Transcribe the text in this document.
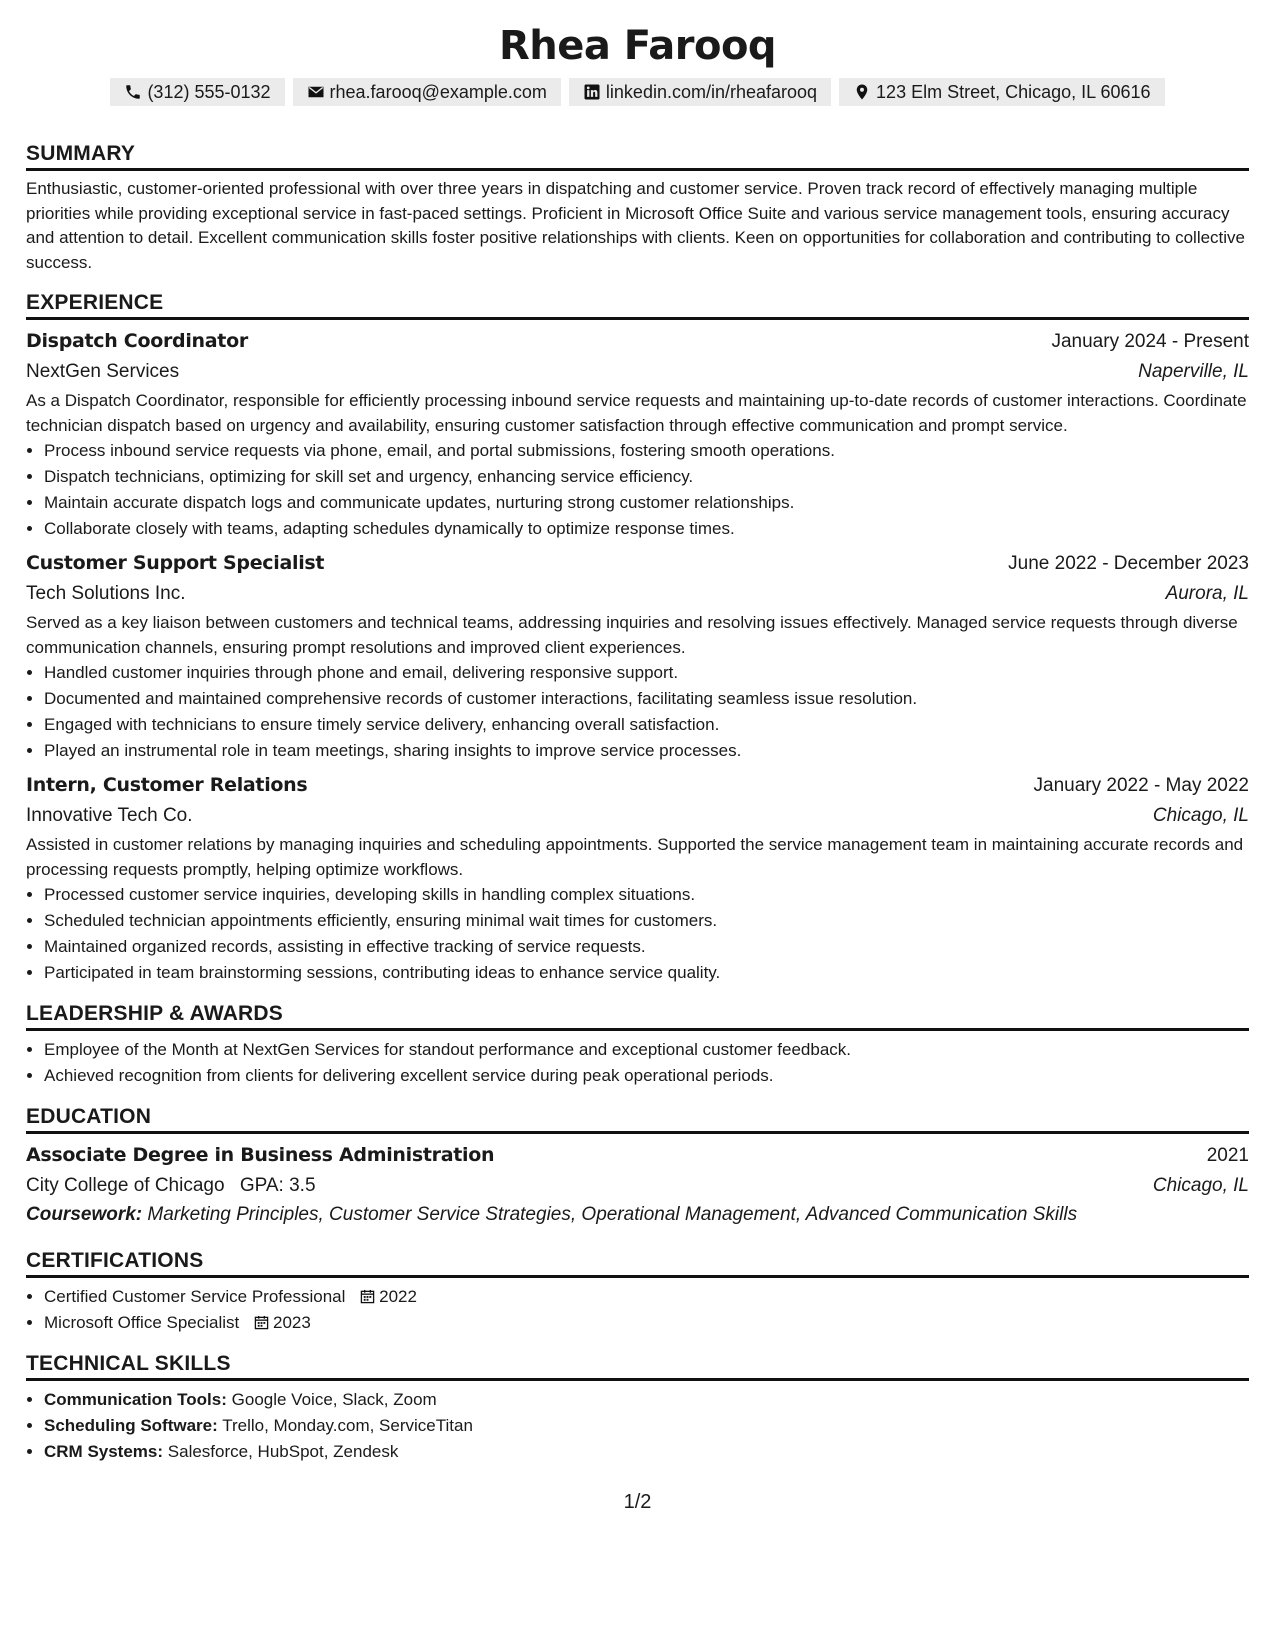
Rhea Farooq
(312) 555-0132	rhea.farooq@example.com	linkedin.com/in/rheafarooq	123 Elm Street, Chicago, IL 60616
SUMMARY

Enthusiastic, customer-oriented professional with over three years in dispatching and customer service. Proven track record of effectively managing multiple priorities while providing exceptional service in fast-paced settings. Proficient in Microsoft Office Suite and various service management tools, ensuring accuracy and attention to detail. Excellent communication skills foster positive relationships with clients. Keen on opportunities for collaboration and contributing to collective success.

EXPERIENCE
Dispatch Coordinator	January 2024 - Present
NextGen Services	Naperville, IL

As a Dispatch Coordinator, responsible for efficiently processing inbound service requests and maintaining up-to-date records of customer interactions. Coordinate technician dispatch based on urgency and availability, ensuring customer satisfaction through effective communication and prompt service.

• Process inbound service requests via phone, email, and portal submissions, fostering smooth operations.
• Dispatch technicians, optimizing for skill set and urgency, enhancing service efficiency.
• Maintain accurate dispatch logs and communicate updates, nurturing strong customer relationships.
• Collaborate closely with teams, adapting schedules dynamically to optimize response times.
Customer Support Specialist	June 2022 - December 2023
Tech Solutions Inc.	Aurora, IL

Served as a key liaison between customers and technical teams, addressing inquiries and resolving issues effectively. Managed service requests through diverse communication channels, ensuring prompt resolutions and improved client experiences.

• Handled customer inquiries through phone and email, delivering responsive support.
• Documented and maintained comprehensive records of customer interactions, facilitating seamless issue resolution.
• Engaged with technicians to ensure timely service delivery, enhancing overall satisfaction.
• Played an instrumental role in team meetings, sharing insights to improve service processes.
Intern, Customer Relations	January 2022 - May 2022
Innovative Tech Co.	Chicago, IL

Assisted in customer relations by managing inquiries and scheduling appointments. Supported the service management team in maintaining accurate records and processing requests promptly, helping optimize workflows.

• Processed customer service inquiries, developing skills in handling complex situations.
• Scheduled technician appointments efficiently, ensuring minimal wait times for customers.
• Maintained organized records, assisting in effective tracking of service requests.
• Participated in team brainstorming sessions, contributing ideas to enhance service quality.
LEADERSHIP & AWARDS
• Employee of the Month at NextGen Services for standout performance and exceptional customer feedback.
• Achieved recognition from clients for delivering excellent service during peak operational periods.
EDUCATION
Associate Degree in Business Administration	2021
City College of Chicago GPA: 3.5	Chicago, IL
Coursework: Marketing Principles, Customer Service Strategies, Operational Management, Advanced Communication Skills
CERTIFICATIONS
• Certified Customer Service Professional 2022
• Microsoft Office Specialist 2023
TECHNICAL SKILLS
• Communication Tools: Google Voice, Slack, Zoom
• Scheduling Software: Trello, Monday.com, ServiceTitan
• CRM Systems: Salesforce, HubSpot, Zendesk
1/2
